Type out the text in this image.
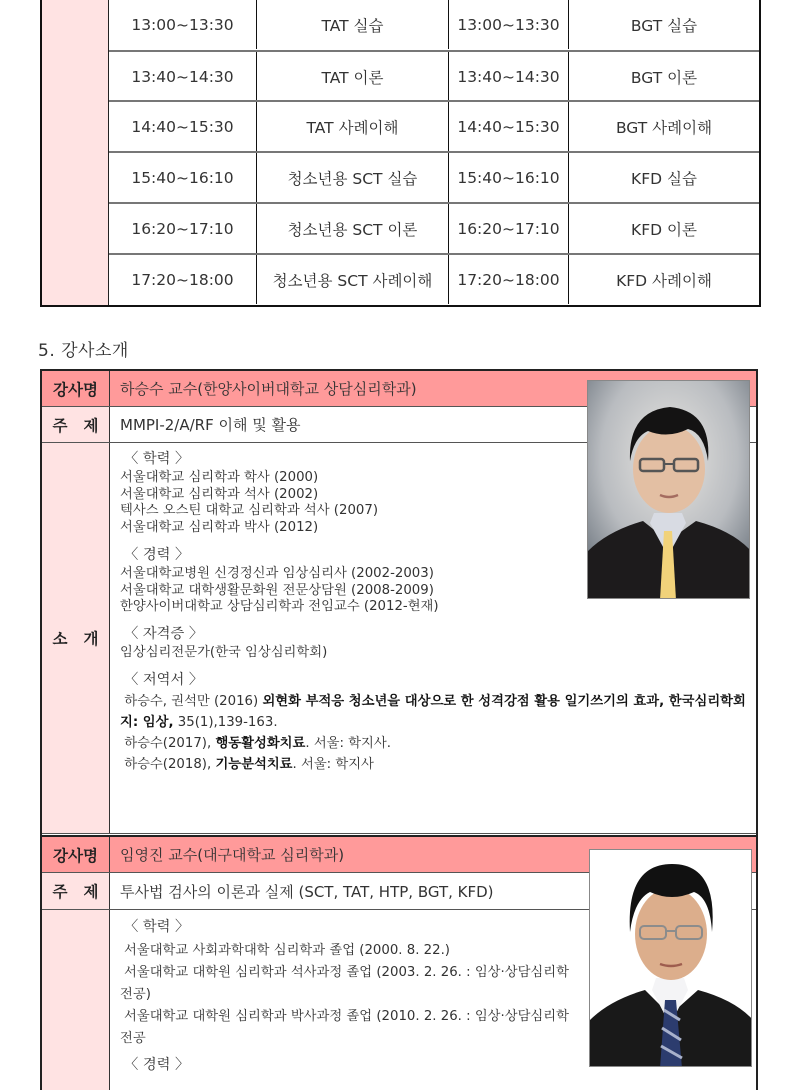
13:00~13:30	TAT 실습	13:00~13:30	BGT 실습
13:40~14:30	TAT 이론	13:40~14:30	BGT 이론
14:40~15:30	TAT 사례이해	14:40~15:30	BGT 사례이해
15:40~16:10	청소년용 SCT 실습	15:40~16:10	KFD 실습
16:20~17:10	청소년용 SCT 이론	16:20~17:10	KFD 이론
17:20~18:00	청소년용 SCT 사례이해	17:20~18:00	KFD 사례이해
5. 강사소개
강사명	하승수 교수(한양사이버대학교 상담심리학과)
주 제	MMPI-2/A/RF 이해 및 활용
소 개
〈 학력 〉
서울대학교 심리학과 학사 (2000)
서울대학교 심리학과 석사 (2002)
텍사스 오스틴 대학교 심리학과 석사 (2007)
서울대학교 심리학과 박사 (2012)
〈 경력 〉
서울대학교병원 신경정신과 임상심리사 (2002-2003)
서울대학교 대학생활문화원 전문상담원 (2008-2009)
한양사이버대학교 상담심리학과 전임교수 (2012-현재)
〈 자격증 〉
임상심리전문가(한국 임상심리학회)
〈 저역서 〉
하승수, 권석만 (2016) 외현화 부적응 청소년을 대상으로 한 성격강점 활용 일기쓰기의 효과, 한국심리학회지: 임상, 35(1),139-163.
하승수(2017), 행동활성화치료. 서울: 학지사.
하승수(2018), 기능분석치료. 서울: 학지사
강사명	임영진 교수(대구대학교 심리학과)
주 제	투사법 검사의 이론과 실제 (SCT, TAT, HTP, BGT, KFD)
〈 학력 〉
서울대학교 사회과학대학 심리학과 졸업 (2000. 8. 22.)
서울대학교 대학원 심리학과 석사과정 졸업 (2003. 2. 26. : 임상·상담심리학 전공)
서울대학교 대학원 심리학과 박사과정 졸업 (2010. 2. 26. : 임상·상담심리학 전공
〈 경력 〉
